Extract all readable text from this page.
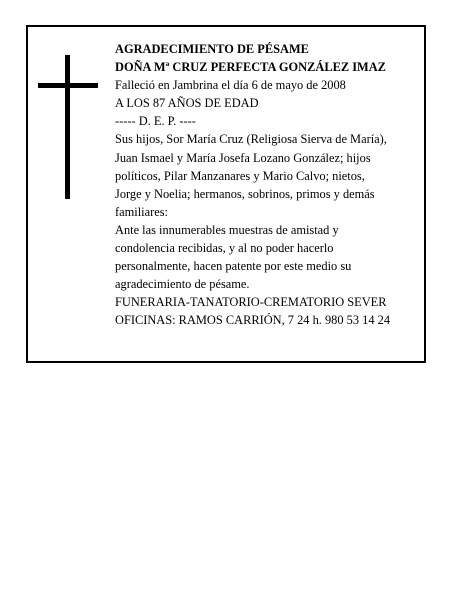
AGRADECIMIENTO DE PÉSAME
DOÑA Mª CRUZ PERFECTA GONZÁLEZ IMAZ
Falleció en Jambrina el día 6 de mayo de 2008
A LOS 87 AÑOS DE EDAD
----- D. E. P. ----
Sus hijos, Sor María Cruz (Religiosa Sierva de María),
Juan Ismael y María Josefa Lozano González; hijos
políticos, Pilar Manzanares y Mario Calvo; nietos,
Jorge y Noelia; hermanos, sobrinos, primos y demás
familiares:
Ante las innumerables muestras de amistad y
condolencia recibidas, y al no poder hacerlo
personalmente, hacen patente por este medio su
agradecimiento de pésame.
FUNERARIA-TANATORIO-CREMATORIO SEVER
OFICINAS: RAMOS CARRIÓN, 7 24 h. 980 53 14 24
